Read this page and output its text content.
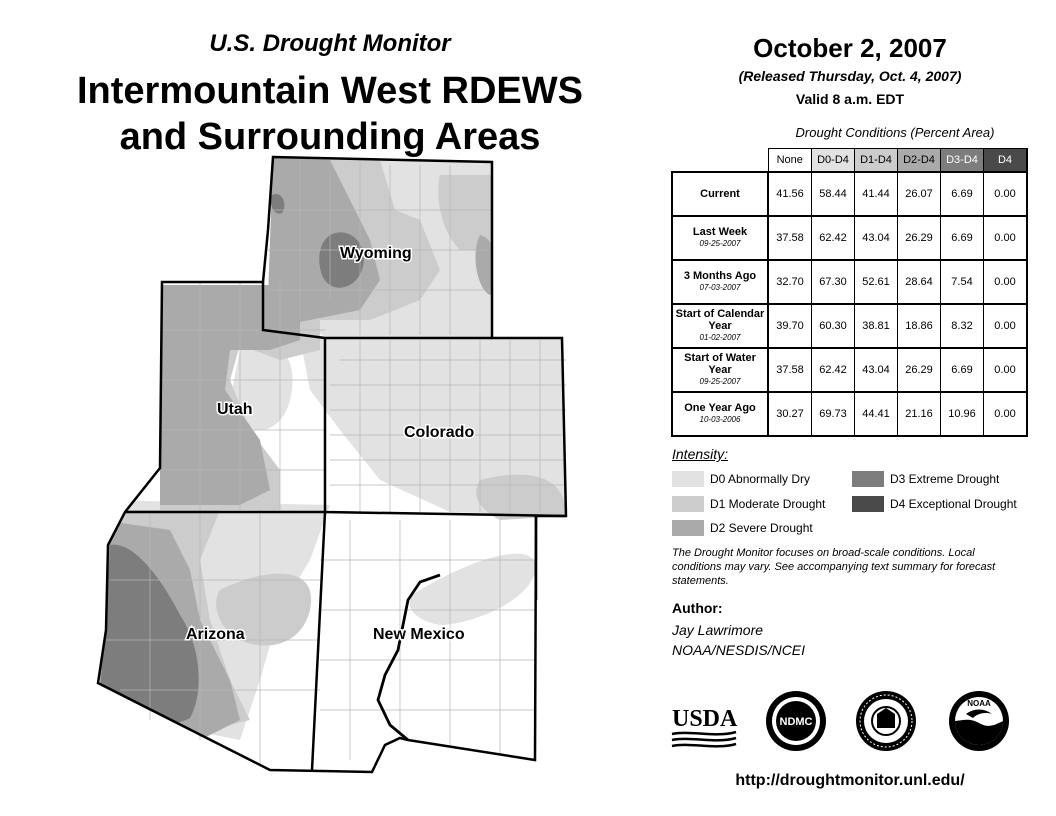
U.S. Drought Monitor
Intermountain West RDEWS
and Surrounding Areas
Wyoming
Utah
Colorado
Arizona	New Mexico
October 2, 2007
(Released Thursday, Oct. 4, 2007)
Valid 8 a.m. EDT
Drought Conditions (Percent Area)
	None	D0-D4	D1-D4	D2-D4	D3-D4	D4
Current	41.56	58.44	41.44	26.07	6.69	0.00
Last Week
09-25-2007	37.58	62.42	43.04	26.29	6.69	0.00
3 Months Ago
07-03-2007	32.70	67.30	52.61	28.64	7.54	0.00
Start of Calendar Year
01-02-2007	39.70	60.30	38.81	18.86	8.32	0.00
Start of Water Year
09-25-2007	37.58	62.42	43.04	26.29	6.69	0.00
One Year Ago
10-03-2006	30.27	69.73	44.41	21.16	10.96	0.00
Intensity:
D0 Abnormally Dry
D1 Moderate Drought
D2 Severe Drought
D3 Extreme Drought
D4 Exceptional Drought
The Drought Monitor focuses on broad-scale conditions. Local conditions may vary. See accompanying text summary for forecast statements.
Author:
Jay Lawrimore
NOAA/NESDIS/NCEI
USDA	NDMC
NOAA
http://droughtmonitor.unl.edu/
